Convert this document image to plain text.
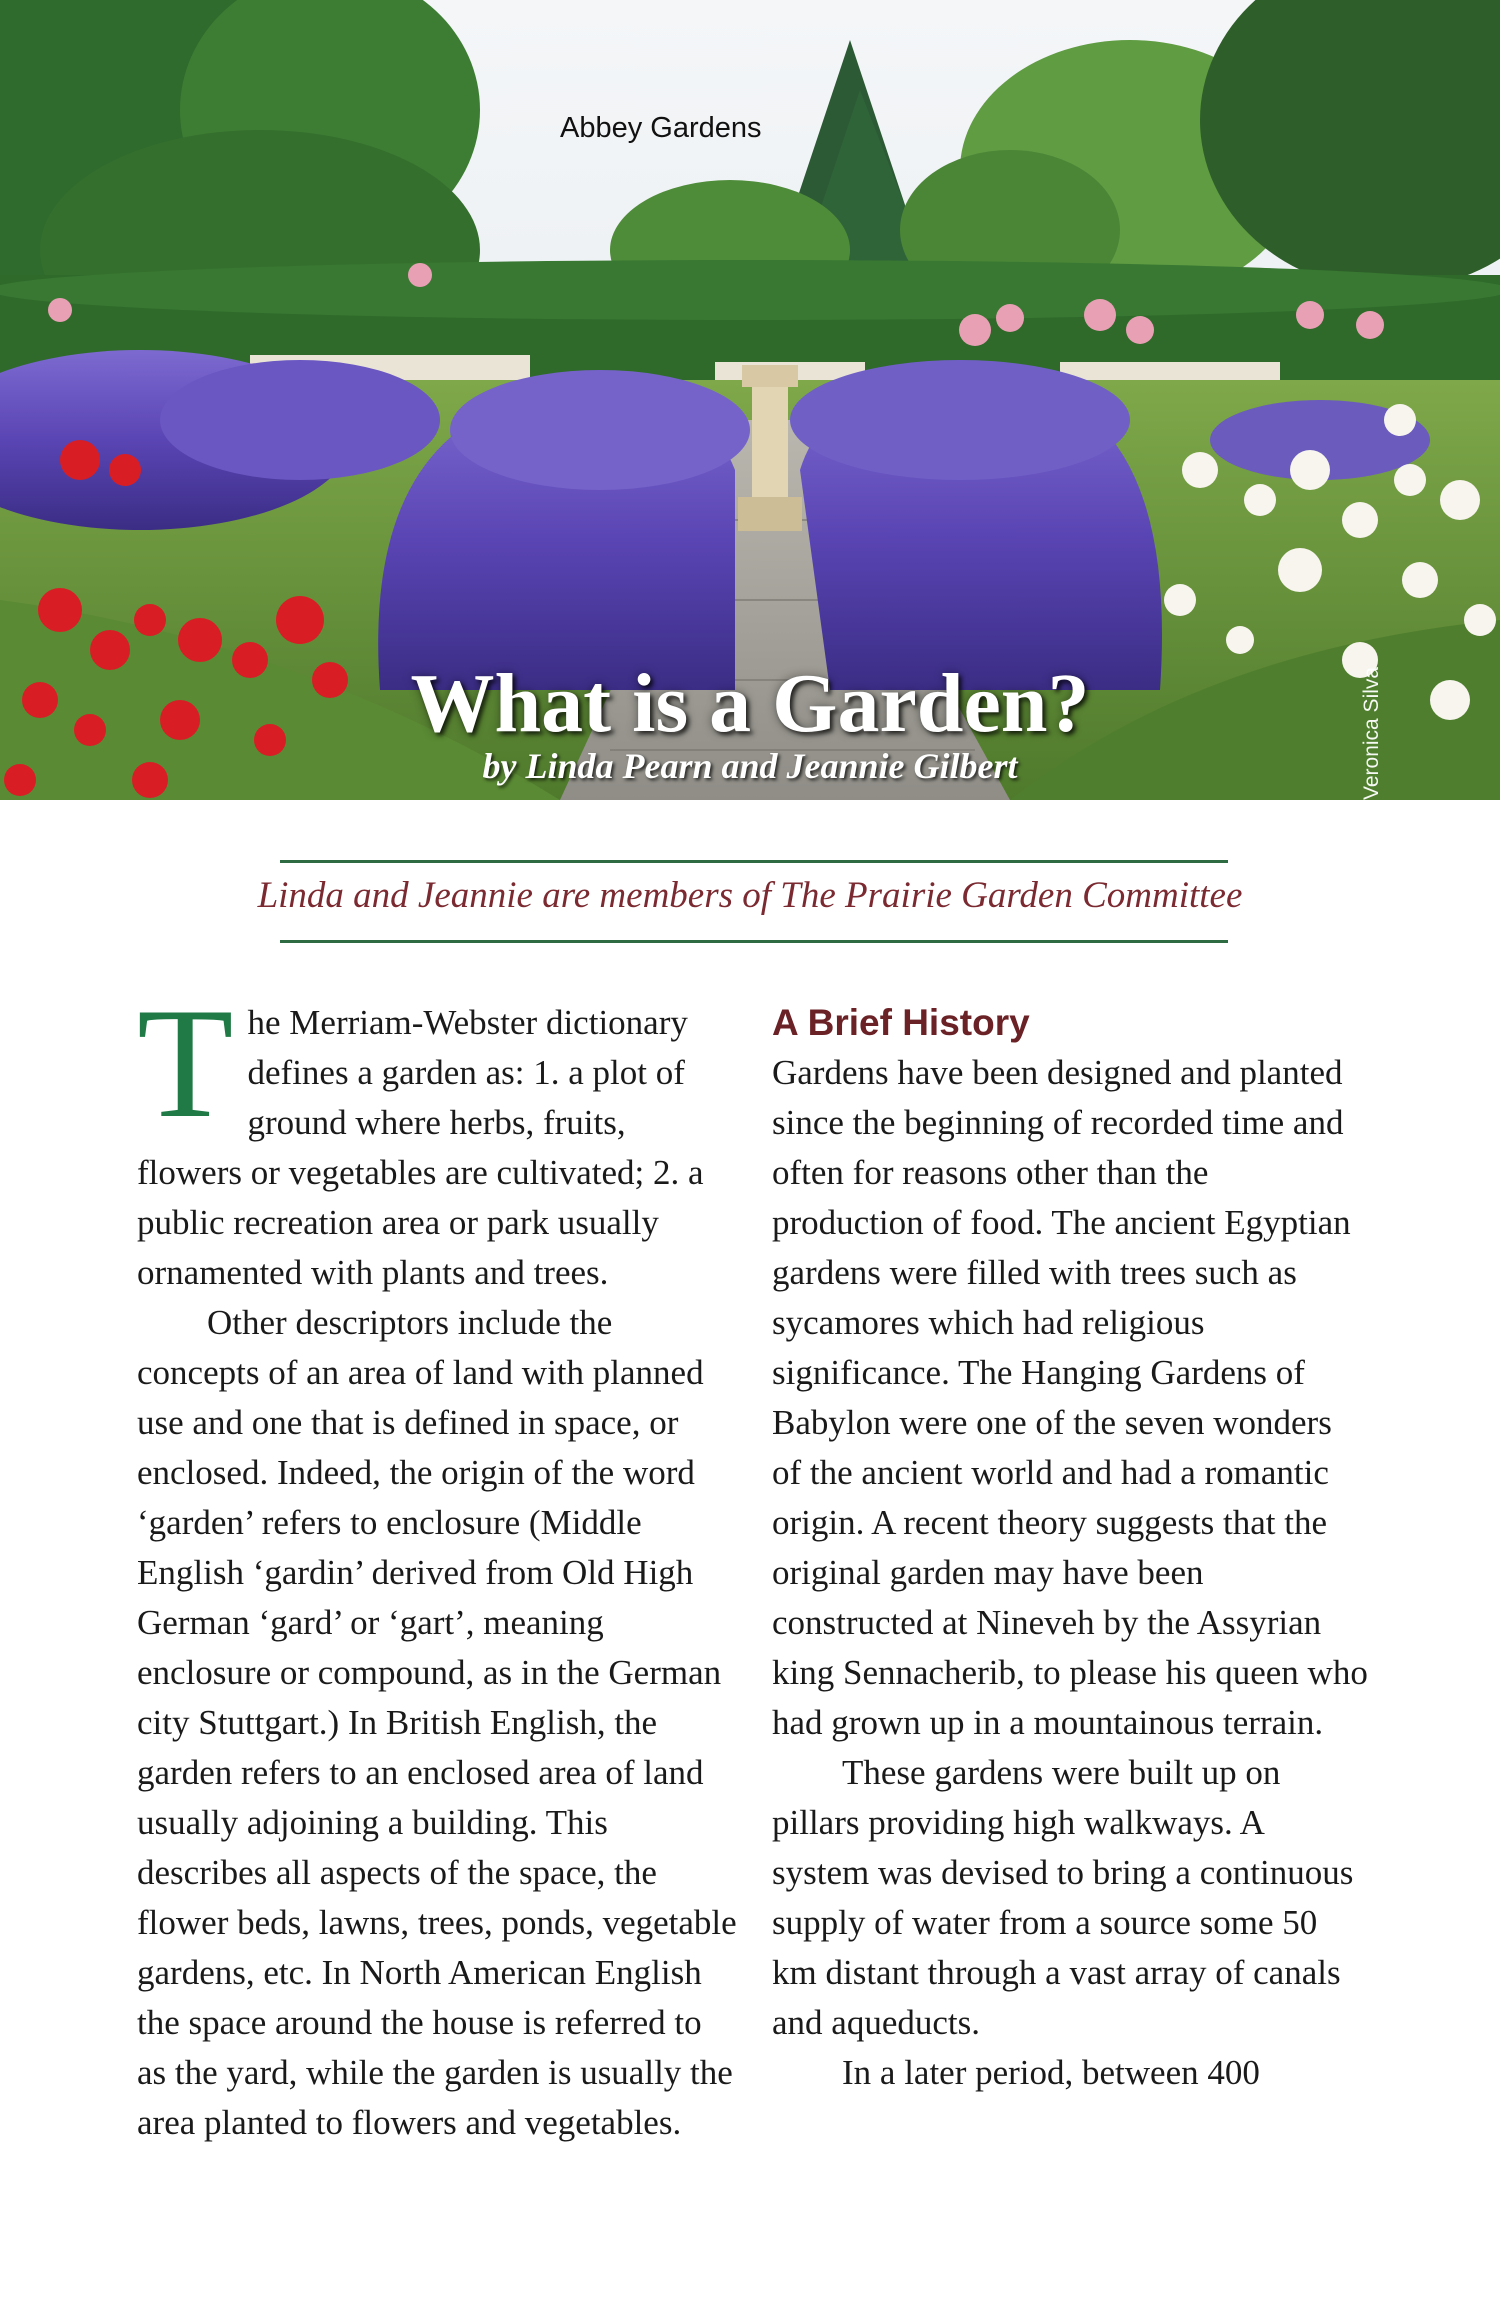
Abbey Gardens
Veronica Silva
What is a Garden?
by Linda Pearn and Jeannie Gilbert
Linda and Jeannie are members of The Prairie Garden Committee

The Merriam-Webster dictionary defines a garden as: 1. a plot of ground where herbs, fruits, flowers or vegetables are cultivated; 2. a public recreation area or park usually ornamented with plants and trees.

Other descriptors include the concepts of an area of land with planned use and one that is defined in space, or enclosed. Indeed, the origin of the word ‘garden’ refers to enclosure (Middle English ‘gardin’ derived from Old High German ‘gard’ or ‘gart’, meaning enclosure or compound, as in the German city Stuttgart.) In British English, the garden refers to an enclosed area of land usually adjoining a building. This describes all aspects of the space, the flower beds, lawns, trees, ponds, vegetable gardens, etc. In North American English the space around the house is referred to as the yard, while the garden is usually the area planted to flowers and vegetables.

A Brief History

Gardens have been designed and planted since the beginning of recorded time and often for reasons other than the production of food. The ancient Egyptian gardens were filled with trees such as sycamores which had religious significance. The Hanging Gardens of Babylon were one of the seven wonders of the ancient world and had a romantic origin. A recent theory suggests that the original garden may have been constructed at Nineveh by the Assyrian king Sennacherib, to please his queen who had grown up in a mountainous terrain.

These gardens were built up on pillars providing high walkways. A system was devised to bring a continuous supply of water from a source some 50 km distant through a vast array of canals and aqueducts.

In a later period, between 400
